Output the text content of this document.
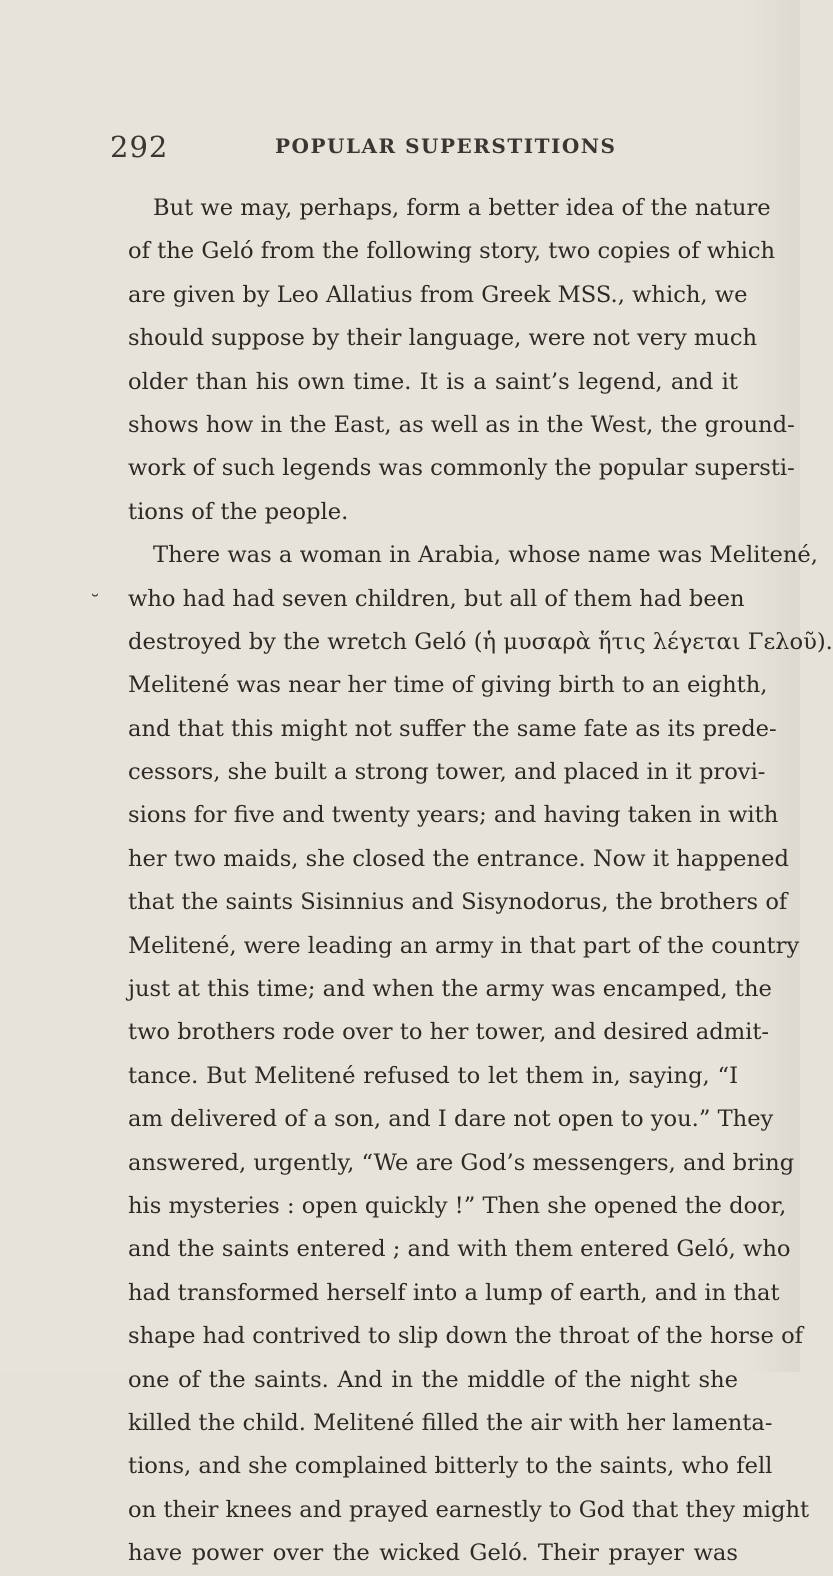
292	POPULAR SUPERSTITIONS
˘
But we may, perhaps, form a better idea of the nature
of the Geló from the following story, two copies of which
are given by Leo Allatius from Greek MSS., which, we
should suppose by their language, were not very much
older than his own time. It is a saint’s legend, and it
shows how in the East, as well as in the West, the ground-
work of such legends was commonly the popular supersti-
tions of the people.
There was a woman in Arabia, whose name was Melitené,
who had had seven children, but all of them had been
destroyed by the wretch Geló (ἡ μυσαρὰ ἥτις λέγεται Γελοῦ).
Melitené was near her time of giving birth to an eighth,
and that this might not suffer the same fate as its prede-
cessors, she built a strong tower, and placed in it provi-
sions for five and twenty years; and having taken in with
her two maids, she closed the entrance. Now it happened
that the saints Sisinnius and Sisynodorus, the brothers of
Melitené, were leading an army in that part of the country
just at this time; and when the army was encamped, the
two brothers rode over to her tower, and desired admit-
tance. But Melitené refused to let them in, saying, “I
am delivered of a son, and I dare not open to you.” They
answered, urgently, “We are God’s messengers, and bring
his mysteries : open quickly !” Then she opened the door,
and the saints entered ; and with them entered Geló, who
had transformed herself into a lump of earth, and in that
shape had contrived to slip down the throat of the horse of
one of the saints. And in the middle of the night she
killed the child. Melitené filled the air with her lamenta-
tions, and she complained bitterly to the saints, who fell
on their knees and prayed earnestly to God that they might
have power over the wicked Geló. Their prayer was
